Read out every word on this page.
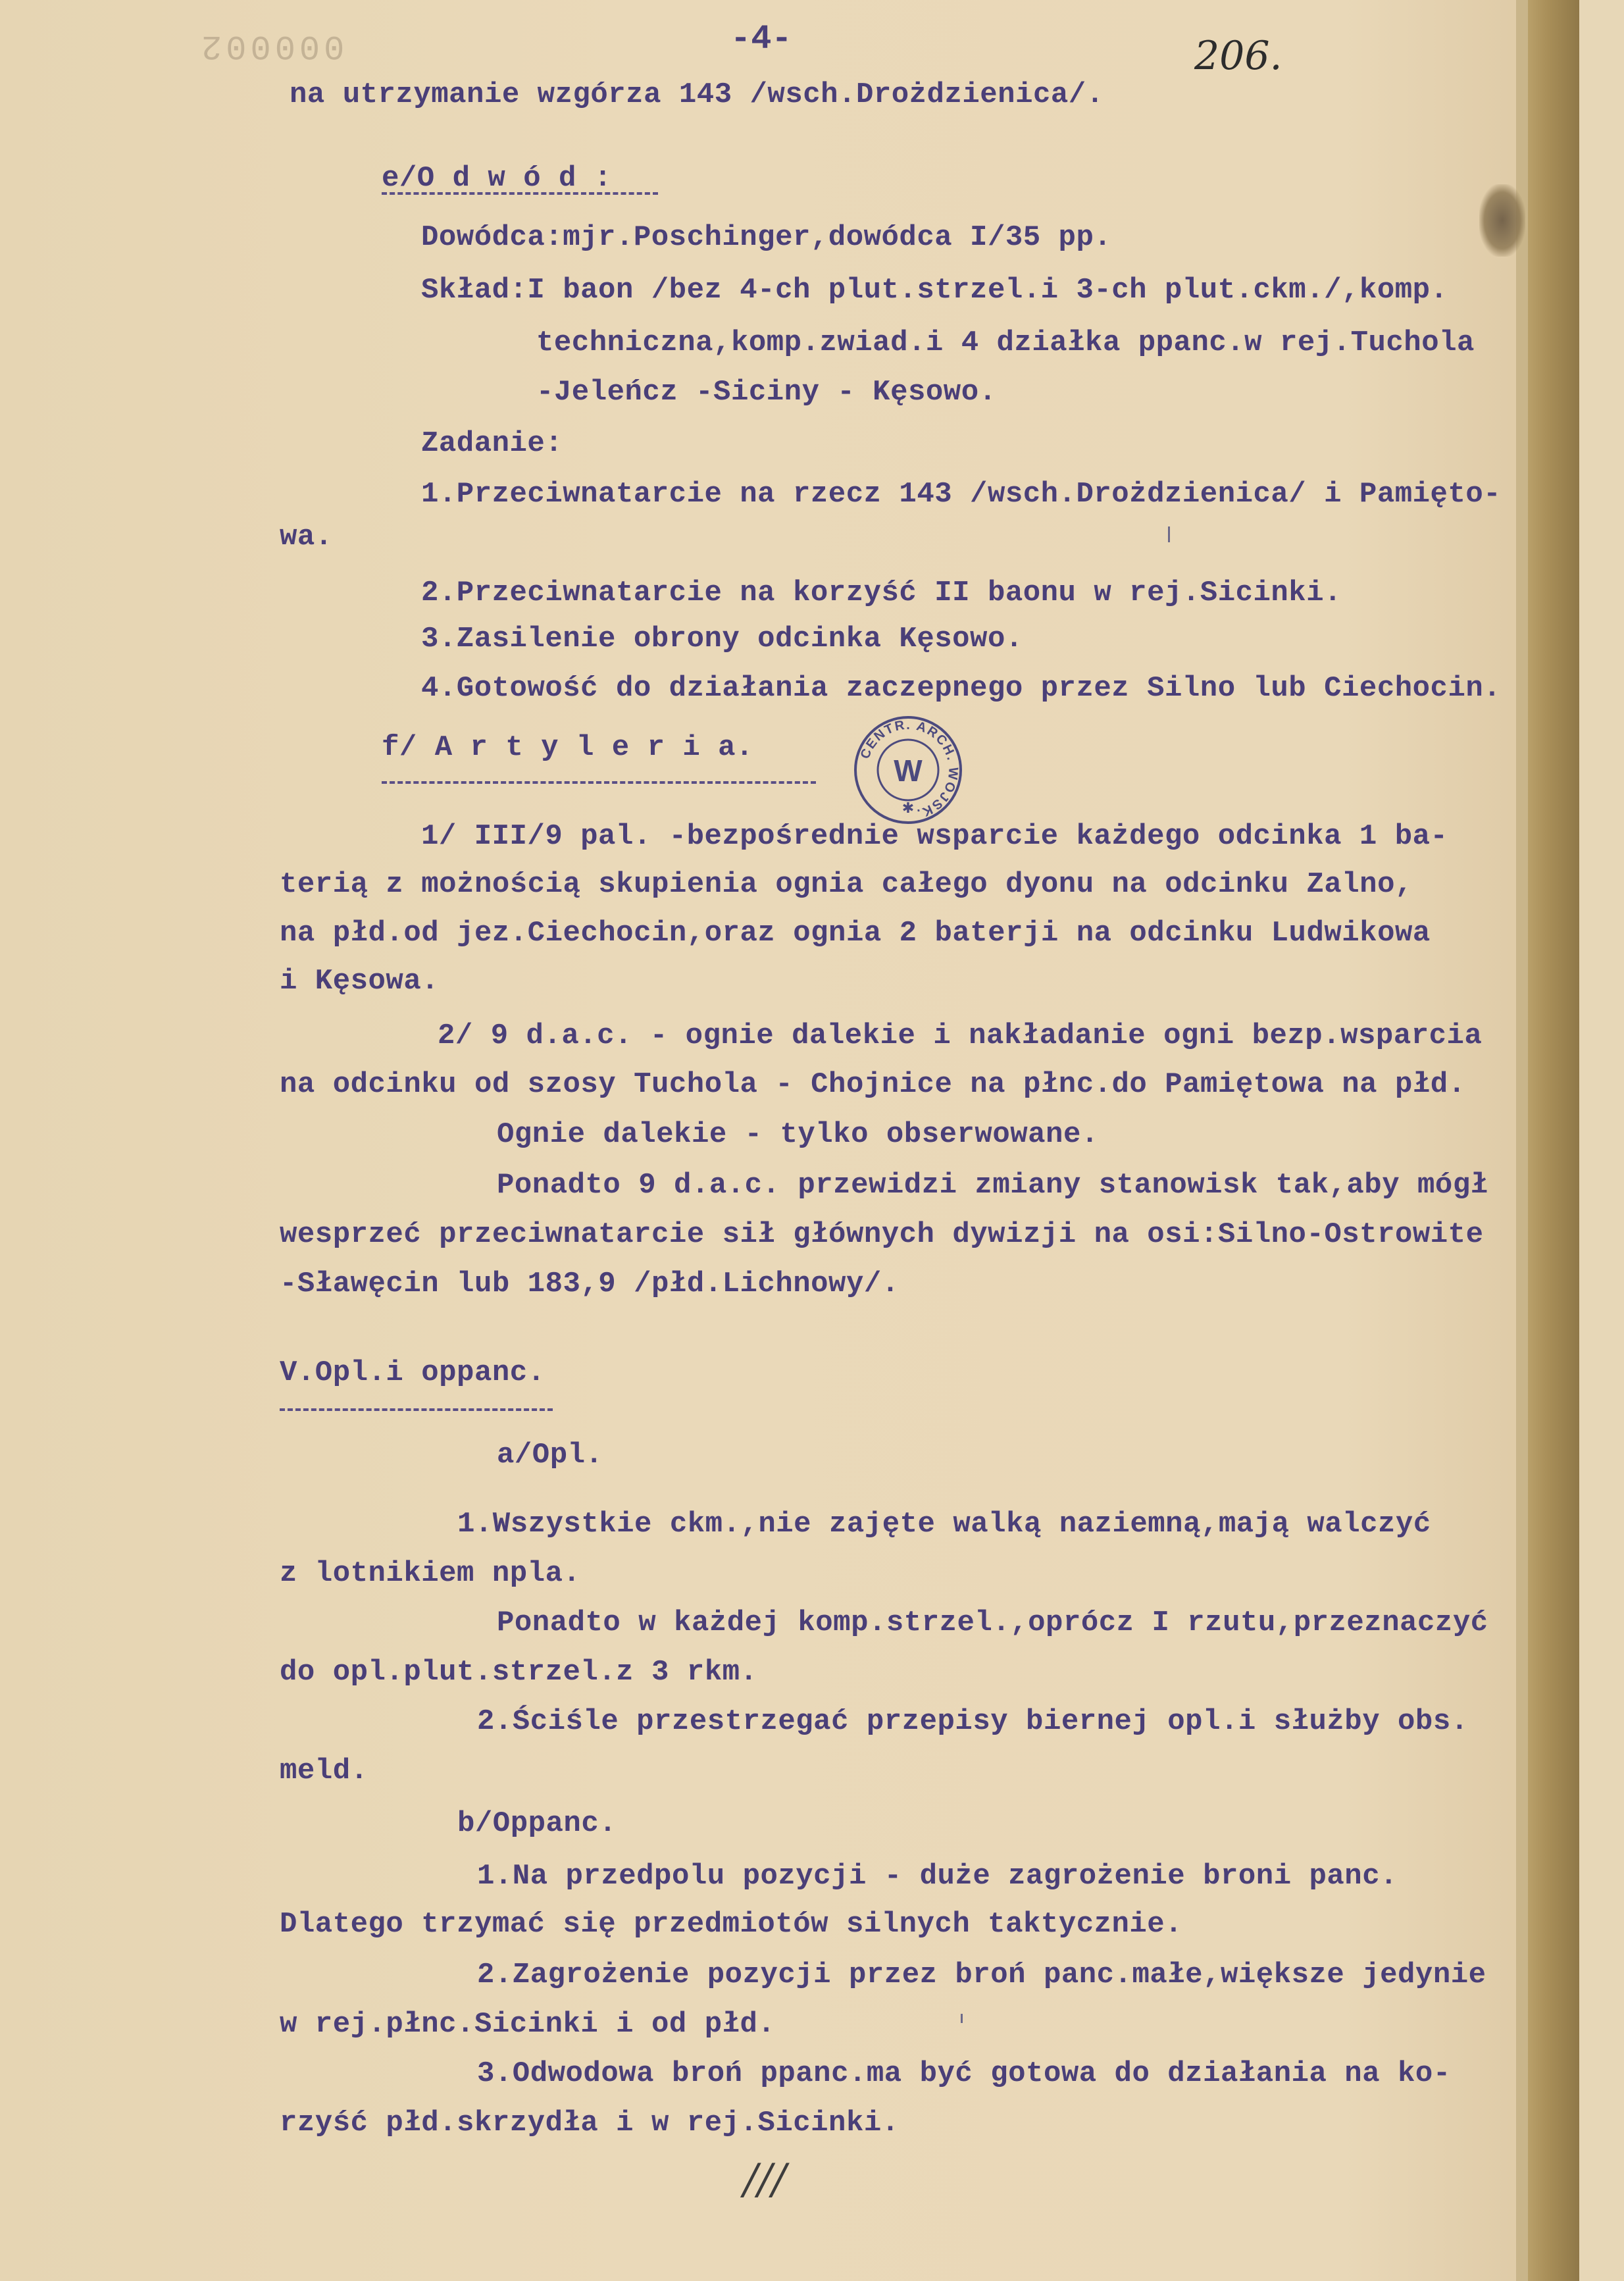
000002	-4-	206.
na utrzymanie wzgórza 143 /wsch.Drożdzienica/.
e/O d w ó d :
Dowódca:mjr.Poschinger,dowódca I/35 pp.
Skład:I baon /bez 4-ch plut.strzel.i 3-ch plut.ckm./,komp.
techniczna,komp.zwiad.i 4 działka ppanc.w rej.Tuchola
-Jeleńcz -Siciny - Kęsowo.
Zadanie:
1.Przeciwnatarcie na rzecz 143 /wsch.Drożdzienica/ i Pamięto-
wa.
2.Przeciwnatarcie na korzyść II baonu w rej.Sicinki.
3.Zasilenie obrony odcinka Kęsowo.
4.Gotowość do działania zaczepnego przez Silno lub Ciechocin.
f/ A r t y l e r i a.
1/ III/9 pal. -bezpośrednie wsparcie każdego odcinka 1 ba-
terią z możnością skupienia ognia całego dyonu na odcinku Zalno,
na płd.od jez.Ciechocin,oraz ognia 2 baterji na odcinku Ludwikowa
i Kęsowa.
2/ 9 d.a.c. - ognie dalekie i nakładanie ogni bezp.wsparcia
na odcinku od szosy Tuchola - Chojnice na płnc.do Pamiętowa na płd.
Ognie dalekie - tylko obserwowane.
Ponadto 9 d.a.c. przewidzi zmiany stanowisk tak,aby mógł
wesprzeć przeciwnatarcie sił głównych dywizji na osi:Silno-Ostrowite
-Sławęcin lub 183,9 /płd.Lichnowy/.
V.Opl.i oppanc.
a/Opl.
1.Wszystkie ckm.,nie zajęte walką naziemną,mają walczyć
z lotnikiem npla.
Ponadto w każdej komp.strzel.,oprócz I rzutu,przeznaczyć
do opl.plut.strzel.z 3 rkm.
2.Ściśle przestrzegać przepisy biernej opl.i służby obs.
meld.
b/Oppanc.
1.Na przedpolu pozycji - duże zagrożenie broni panc.
Dlatego trzymać się przedmiotów silnych taktycznie.
2.Zagrożenie pozycji przez broń panc.małe,większe jedynie
w rej.płnc.Sicinki i od płd.
3.Odwodowa broń ppanc.ma być gotowa do działania na ko-
rzyść płd.skrzydła i w rej.Sicinki.
CENTR. ARCH. WOJSK.
W
✱
///
